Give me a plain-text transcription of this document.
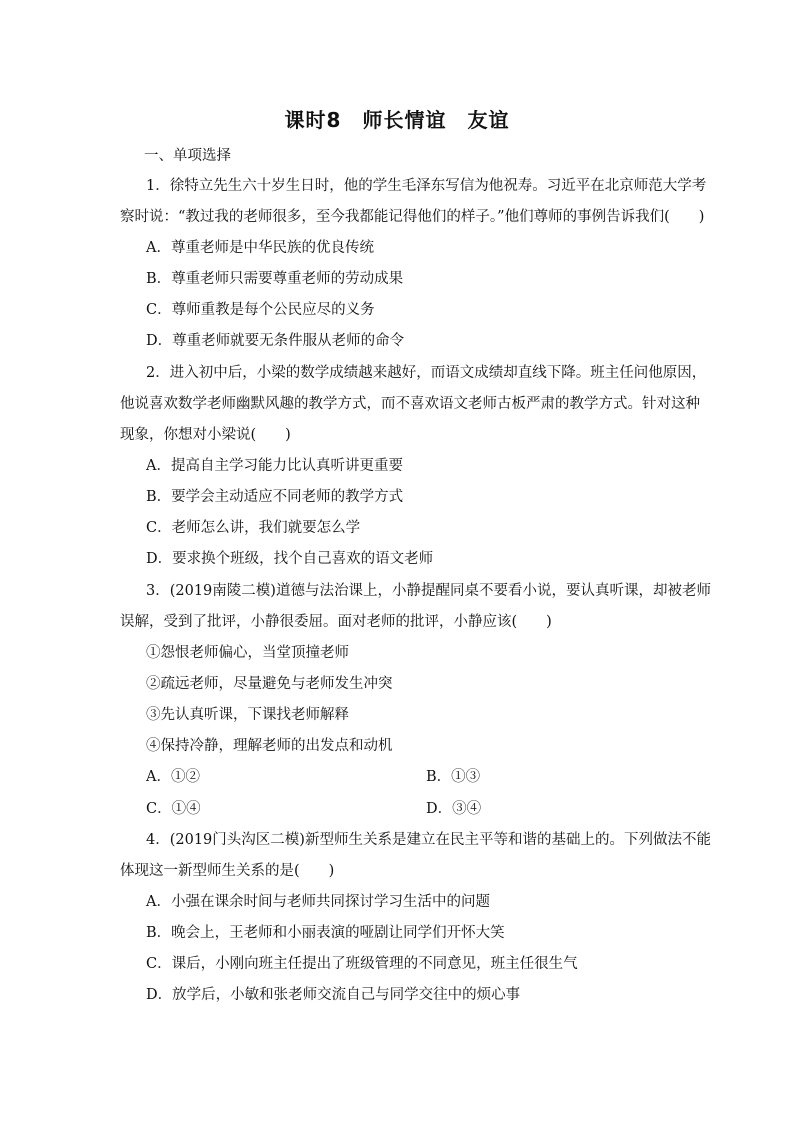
课时8　师长情谊　友谊
一、单项选择
1．徐特立先生六十岁生日时，他的学生毛泽东写信为他祝寿。习近平在北京师范大学考
察时说：“教过我的老师很多，至今我都能记得他们的样子。”他们尊师的事例告诉我们(　　)
A．尊重老师是中华民族的优良传统
B．尊重老师只需要尊重老师的劳动成果
C．尊师重教是每个公民应尽的义务
D．尊重老师就要无条件服从老师的命令
2．进入初中后，小梁的数学成绩越来越好，而语文成绩却直线下降。班主任问他原因，
他说喜欢数学老师幽默风趣的教学方式，而不喜欢语文老师古板严肃的教学方式。针对这种
现象，你想对小梁说(　　)
A．提高自主学习能力比认真听讲更重要
B．要学会主动适应不同老师的教学方式
C．老师怎么讲，我们就要怎么学
D．要求换个班级，找个自己喜欢的语文老师
3．(2019南陵二模)道德与法治课上，小静提醒同桌不要看小说，要认真听课，却被老师
误解，受到了批评，小静很委屈。面对老师的批评，小静应该(　　)
①怨恨老师偏心，当堂顶撞老师
②疏远老师，尽量避免与老师发生冲突
③先认真听课，下课找老师解释
④保持冷静，理解老师的出发点和动机
A．①②	B．①③
C．①④	D．③④
4．(2019门头沟区二模)新型师生关系是建立在民主平等和谐的基础上的。下列做法不能
体现这一新型师生关系的是(　　)
A．小强在课余时间与老师共同探讨学习生活中的问题
B．晚会上，王老师和小丽表演的哑剧让同学们开怀大笑
C．课后，小刚向班主任提出了班级管理的不同意见，班主任很生气
D．放学后，小敏和张老师交流自己与同学交往中的烦心事
